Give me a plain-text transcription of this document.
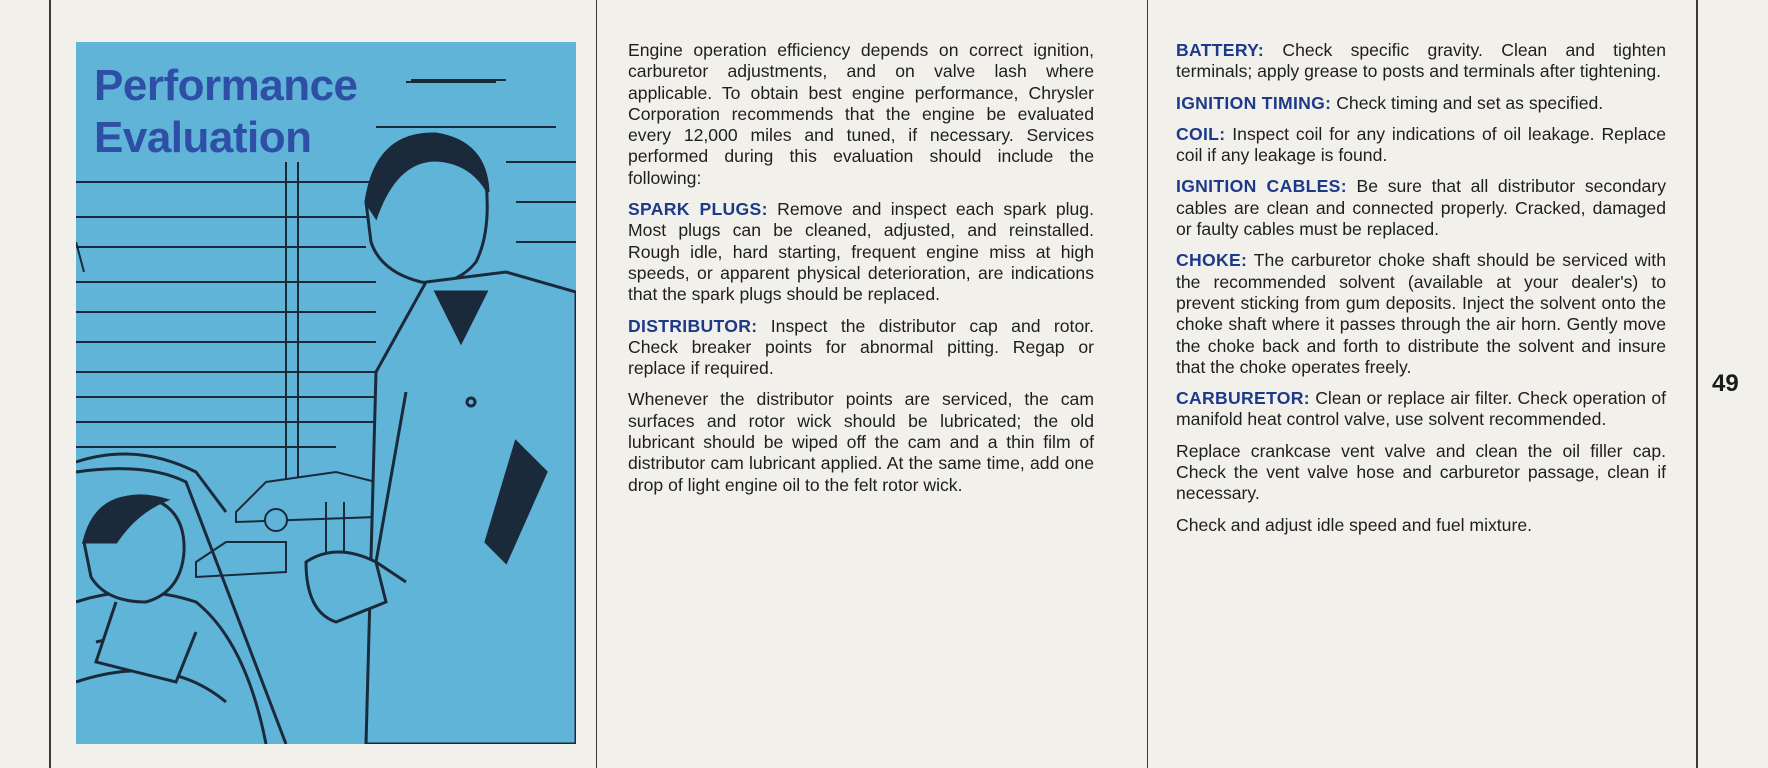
Performance
Evaluation

Engine operation efficiency depends on correct ignition, carburetor adjustments, and on valve lash where applicable. To obtain best engine performance, Chrysler Corporation recommends that the engine be evaluated every 12,000 miles and tuned, if necessary. Services performed during this evaluation should include the following:

SPARK PLUGS: Remove and inspect each spark plug. Most plugs can be cleaned, adjusted, and reinstalled. Rough idle, hard starting, frequent engine miss at high speeds, or apparent physical deterioration, are indications that the spark plugs should be replaced.

DISTRIBUTOR: Inspect the distributor cap and rotor. Check breaker points for abnormal pitting. Regap or replace if required.

Whenever the distributor points are serviced, the cam surfaces and rotor wick should be lubricated; the old lubricant should be wiped off the cam and a thin film of distributor cam lubricant applied. At the same time, add one drop of light engine oil to the felt rotor wick.

BATTERY: Check specific gravity. Clean and tighten terminals; apply grease to posts and terminals after tightening.

IGNITION TIMING: Check timing and set as specified.

COIL: Inspect coil for any indications of oil leakage. Replace coil if any leakage is found.

IGNITION CABLES: Be sure that all distributor secondary cables are clean and connected properly. Cracked, damaged or faulty cables must be replaced.

CHOKE: The carburetor choke shaft should be serviced with the recommended solvent (available at your dealer's) to prevent sticking from gum deposits. Inject the solvent onto the choke shaft where it passes through the air horn. Gently move the choke back and forth to distribute the solvent and insure that the choke operates freely.

CARBURETOR: Clean or replace air filter. Check operation of manifold heat control valve, use solvent recommended.

Replace crankcase vent valve and clean the oil filler cap. Check the vent valve hose and carburetor passage, clean if necessary.

Check and adjust idle speed and fuel mixture.

49
